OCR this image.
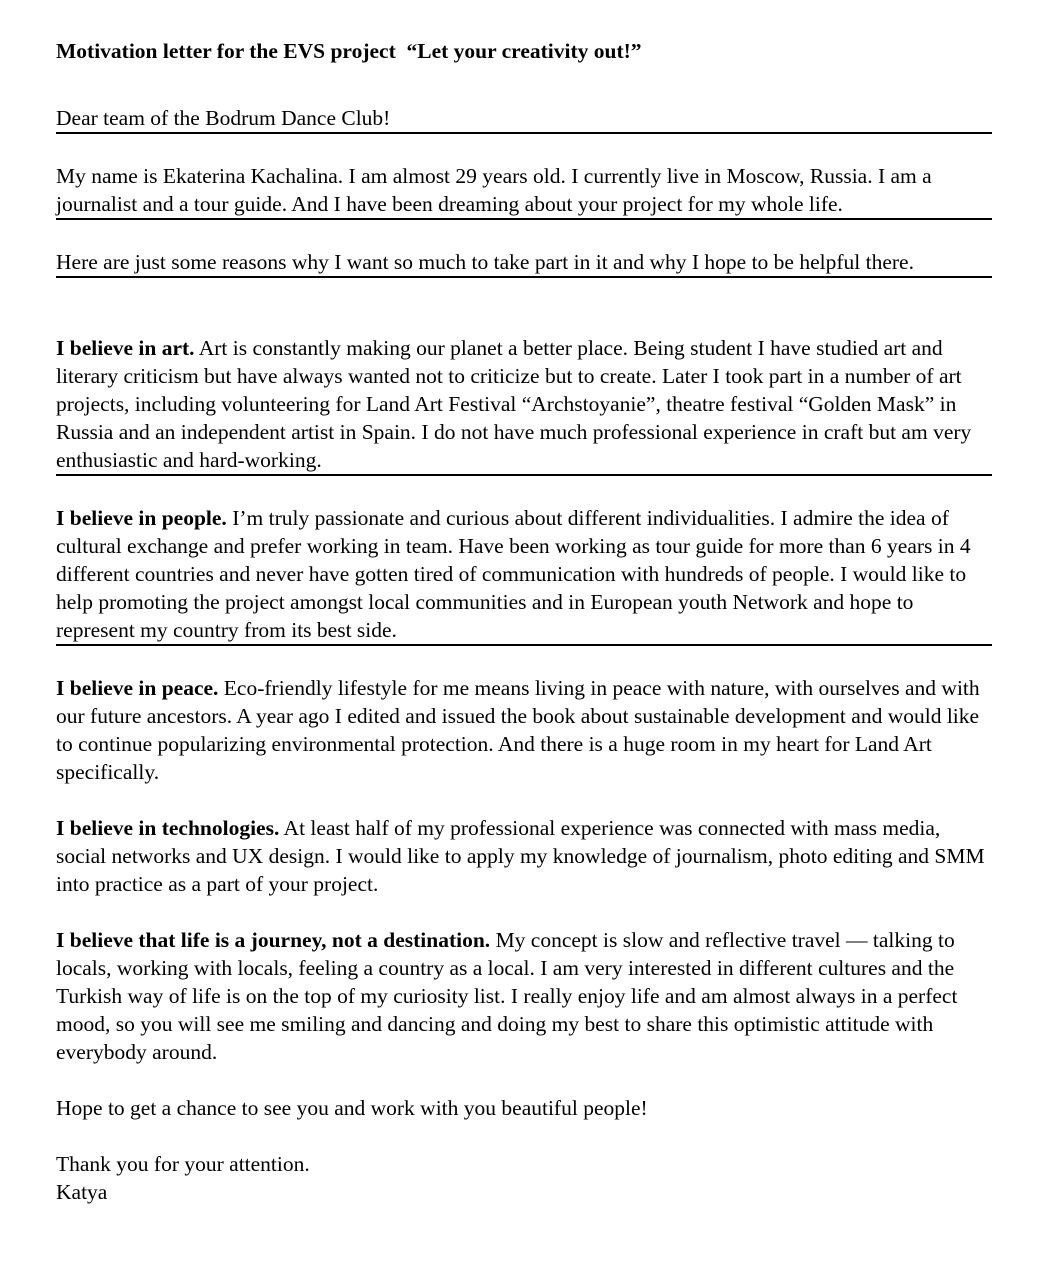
Motivation letter for the EVS project  “Let your creativity out!”
Dear team of the Bodrum Dance Club!
My name is Ekaterina Kachalina. I am almost 29 years old. I currently live in Moscow, Russia. I am a journalist and a tour guide. And I have been dreaming about your project for my whole life.
Here are just some reasons why I want so much to take part in it and why I hope to be helpful there.
I believe in art. Art is constantly making our planet a better place. Being student I have studied art and literary criticism but have always wanted not to criticize but to create. Later I took part in a number of art projects, including volunteering for Land Art Festival “Archstoyanie”, theatre festival “Golden Mask” in Russia and an independent artist in Spain. I do not have much professional experience in craft but am very enthusiastic and hard-working.
I believe in people. I’m truly passionate and curious about different individualities. I admire the idea of cultural exchange and prefer working in team. Have been working as tour guide for more than 6 years in 4 different countries and never have gotten tired of communication with hundreds of people. I would like to help promoting the project amongst local communities and in European youth Network and hope to represent my country from its best side.
I believe in peace. Eco-friendly lifestyle for me means living in peace with nature, with ourselves and with our future ancestors. A year ago I edited and issued the book about sustainable development and would like to continue popularizing environmental protection. And there is a huge room in my heart for Land Art specifically.
I believe in technologies. At least half of my professional experience was connected with mass media, social networks and UX design. I would like to apply my knowledge of journalism, photo editing and SMM into practice as a part of your project.
I believe that life is a journey, not a destination. My concept is slow and reflective travel — talking to locals, working with locals, feeling a country as a local. I am very interested in different cultures and the Turkish way of life is on the top of my curiosity list. I really enjoy life and am almost always in a perfect mood, so you will see me smiling and dancing and doing my best to share this optimistic attitude with everybody around.
Hope to get a chance to see you and work with you beautiful people!
Thank you for your attention.
Katya
